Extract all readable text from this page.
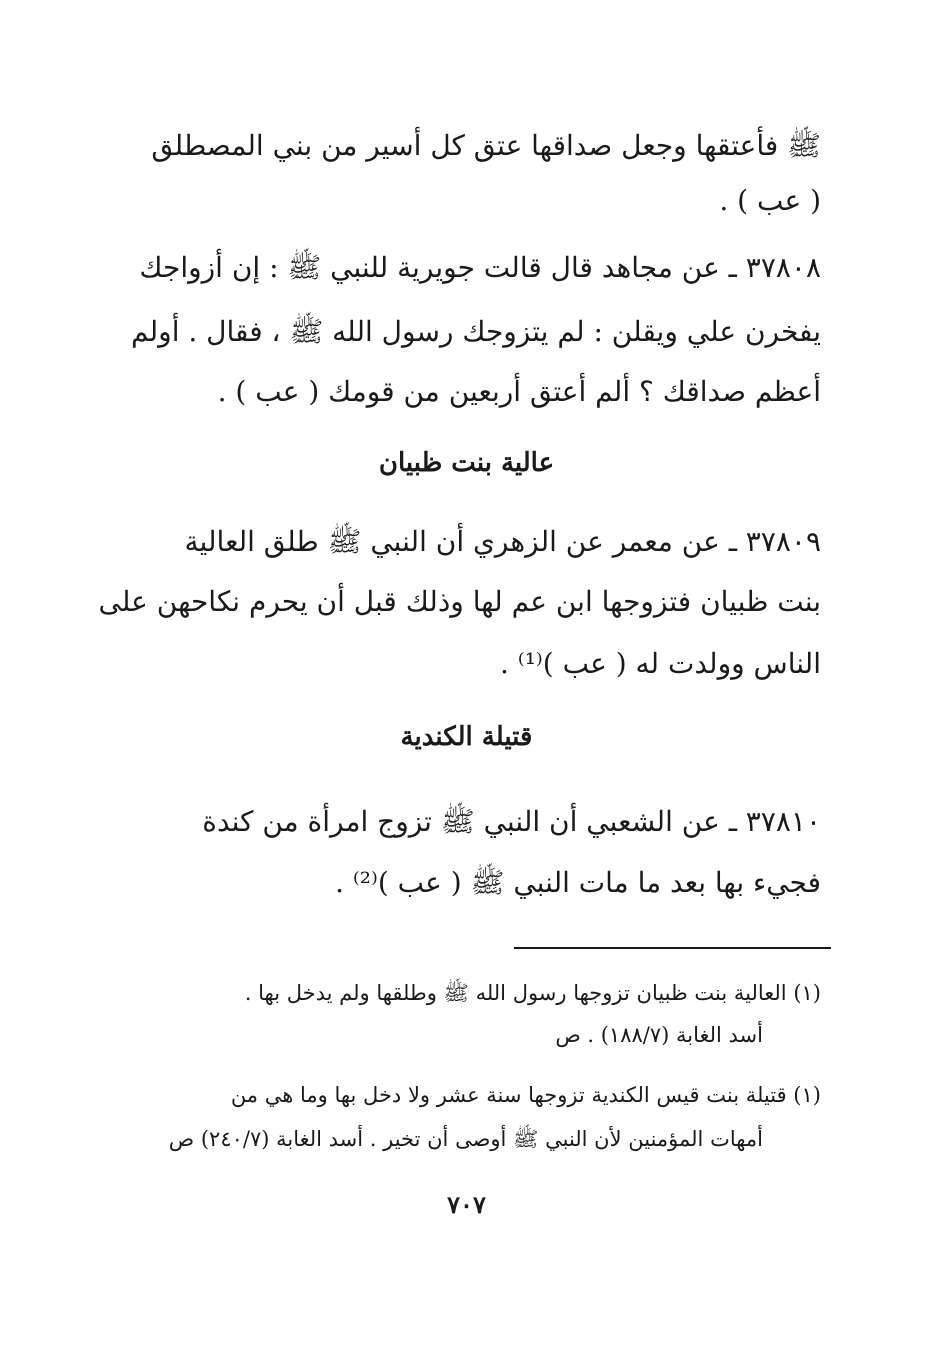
ﷺ فأعتقها وجعل صداقها عتق كل أسير من بني المصطلق
( عب ) .
٣٧٨٠٨ ـ عن مجاهد قال قالت جويرية للنبي ﷺ : إن أزواجك
يفخرن علي ويقلن : لم يتزوجك رسول الله ﷺ ، فقال . أولم
أعظم صداقك ؟ ألم أعتق أربعين من قومك ( عب ) .
عالية بنت ظبيان
٣٧٨٠٩ ـ عن معمر عن الزهري أن النبي ﷺ طلق العالية
بنت ظبيان فتزوجها ابن عم لها وذلك قبل أن يحرم نكاحهن على
الناس وولدت له ( عب )⁽¹⁾ .
قتيلة الكندية
٣٧٨١٠ ـ عن الشعبي أن النبي ﷺ تزوج امرأة من كندة
فجيء بها بعد ما مات النبي ﷺ ( عب )⁽²⁾ .
(١) العالية بنت ظبيان تزوجها رسول الله ﷺ وطلقها ولم يدخل بها .
أسد الغابة (١٨٨/٧) . ص
(١) قتيلة بنت قيس الكندية تزوجها سنة عشر ولا دخل بها وما هي من
أمهات المؤمنين لأن النبي ﷺ أوصى أن تخير . أسد الغابة (٢٤٠/٧) ص
٧٠٧
